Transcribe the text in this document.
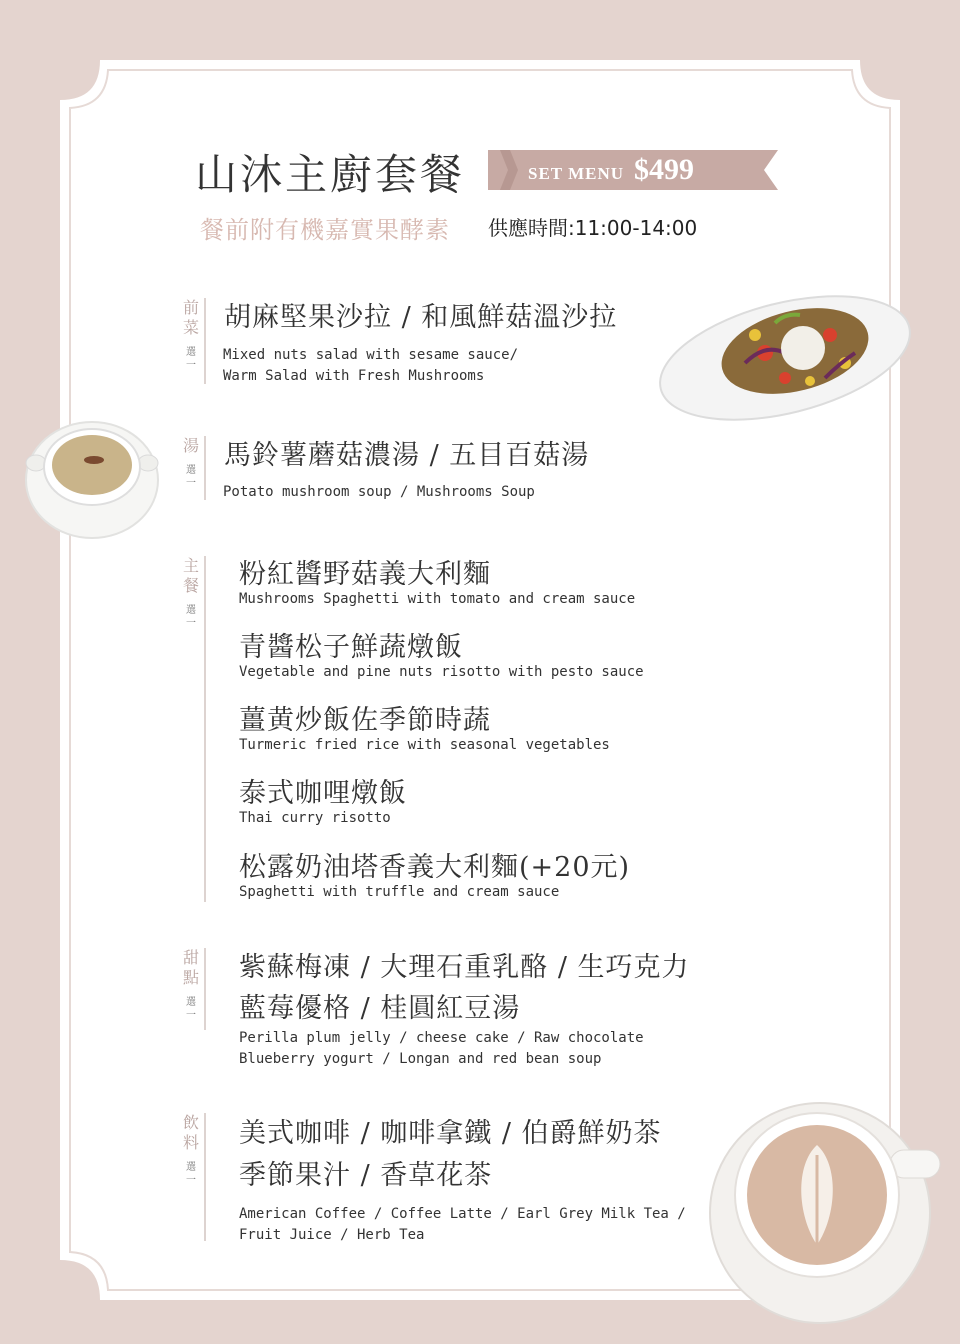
山沐主廚套餐	SET MENU $499
餐前附有機嘉實果酵素 供應時間:11:00-14:00
前
菜
選
一
胡麻堅果沙拉 / 和風鮮菇溫沙拉
Mixed nuts salad with sesame sauce/
Warm Salad with Fresh Mushrooms
湯
選
一
馬鈴薯蘑菇濃湯 / 五目百菇湯
Potato mushroom soup / Mushrooms Soup
主
餐
選
一
粉紅醬野菇義大利麵
Mushrooms Spaghetti with tomato and cream sauce
青醬松子鮮蔬燉飯
Vegetable and pine nuts risotto with pesto sauce
薑黄炒飯佐季節時蔬
Turmeric fried rice with seasonal vegetables
泰式咖哩燉飯
Thai curry risotto
松露奶油塔香義大利麵(+20元)
Spaghetti with truffle and cream sauce
甜
點
選
一
紫蘇梅凍 / 大理石重乳酪 / 生巧克力
藍莓優格 / 桂圓紅豆湯
Perilla plum jelly / cheese cake / Raw chocolate
Blueberry yogurt / Longan and red bean soup
飲
料
選
一
美式咖啡 / 咖啡拿鐵 / 伯爵鮮奶茶
季節果汁 / 香草花茶
American Coffee / Coffee Latte / Earl Grey Milk Tea /
Fruit Juice / Herb Tea
